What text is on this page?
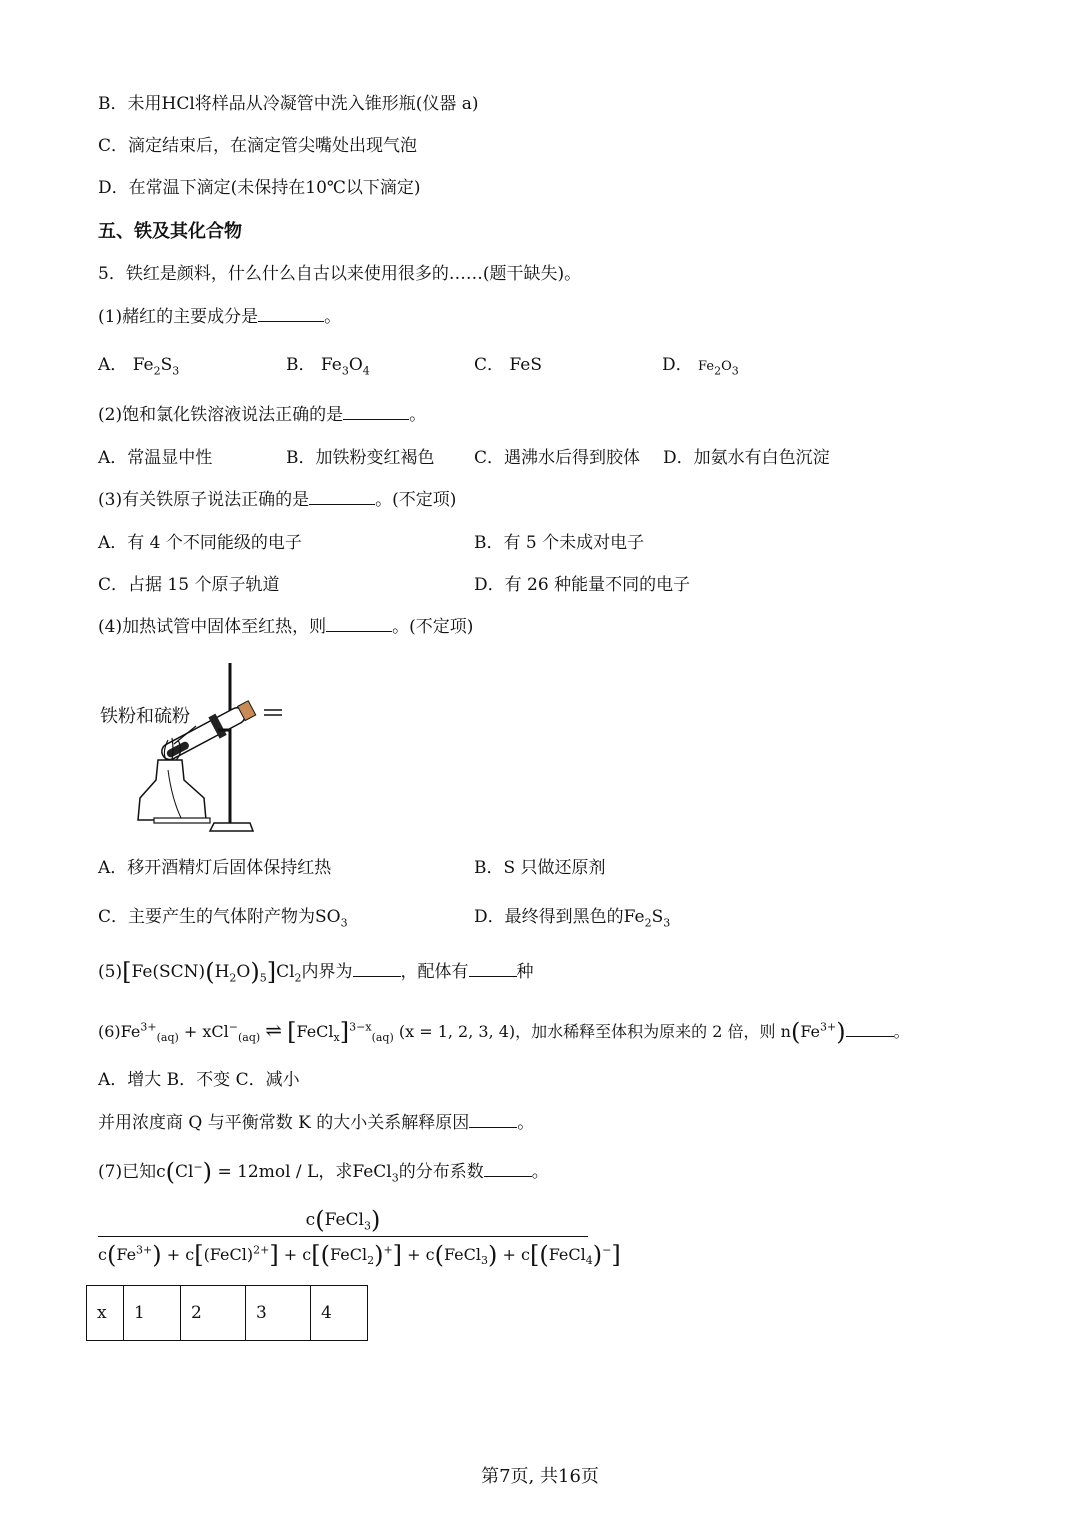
B．未用HCl将样品从冷凝管中洗入锥形瓶(仪器 a)
C．滴定结束后，在滴定管尖嘴处出现气泡
D．在常温下滴定(未保持在10℃以下滴定)
五、铁及其化合物
5．铁红是颜料，什么什么自古以来使用很多的……(题干缺失)。
(1)赭红的主要成分是	。
A． $Fe_2S_3$	B． $Fe_3O_4$	C． FeS	D． $Fe_2O_3$
(2)饱和氯化铁溶液说法正确的是	。
A．常温显中性	B．加铁粉变红褐色 C．遇沸水后得到胶体 D．加氨水有白色沉淀
(3)有关铁原子说法正确的是	。(不定项)
A．有 4 个不同能级的电子	B．有 5 个未成对电子
C．占据 15 个原子轨道	D．有 26 种能量不同的电子
(4)加热试管中固体至红热，则	。(不定项)
铁粉和硫粉
A．移开酒精灯后固体保持红热	B．S 只做还原剂
C．主要产生的气体附产物为$SO_3$	D．最终得到黑色的$Fe_2S_3$
$(5)[Fe(SCN)(H_2O)_5]Cl_2$内界为	，配体有	种
$(6)Fe^{3+}_{(aq)} + xCl^-_{(aq)}$ ⇌ [FeCl$_x$]$^{3-x}_{(aq)}$ (x = 1, 2, 3, 4)，加水稀释至体积为原来的 2 倍，则 $n(Fe^{3+})$	。
A．增大 B．不变 C．减小
并用浓度商 Q 与平衡常数 K 的大小关系解释原因	。
(7)已知c(Cl−) = 12mol / L，求FeCl$_3$的分布系数	。
c(FeCl$_3$)
$c(Fe^{3+})$ + c[(FeCl)$^{2+}$] + c[(FeCl$_2$)+] + c(FeCl$_3$) + c[(FeCl$_4$)−]
x	1	2	3	4
第7页, 共16页
